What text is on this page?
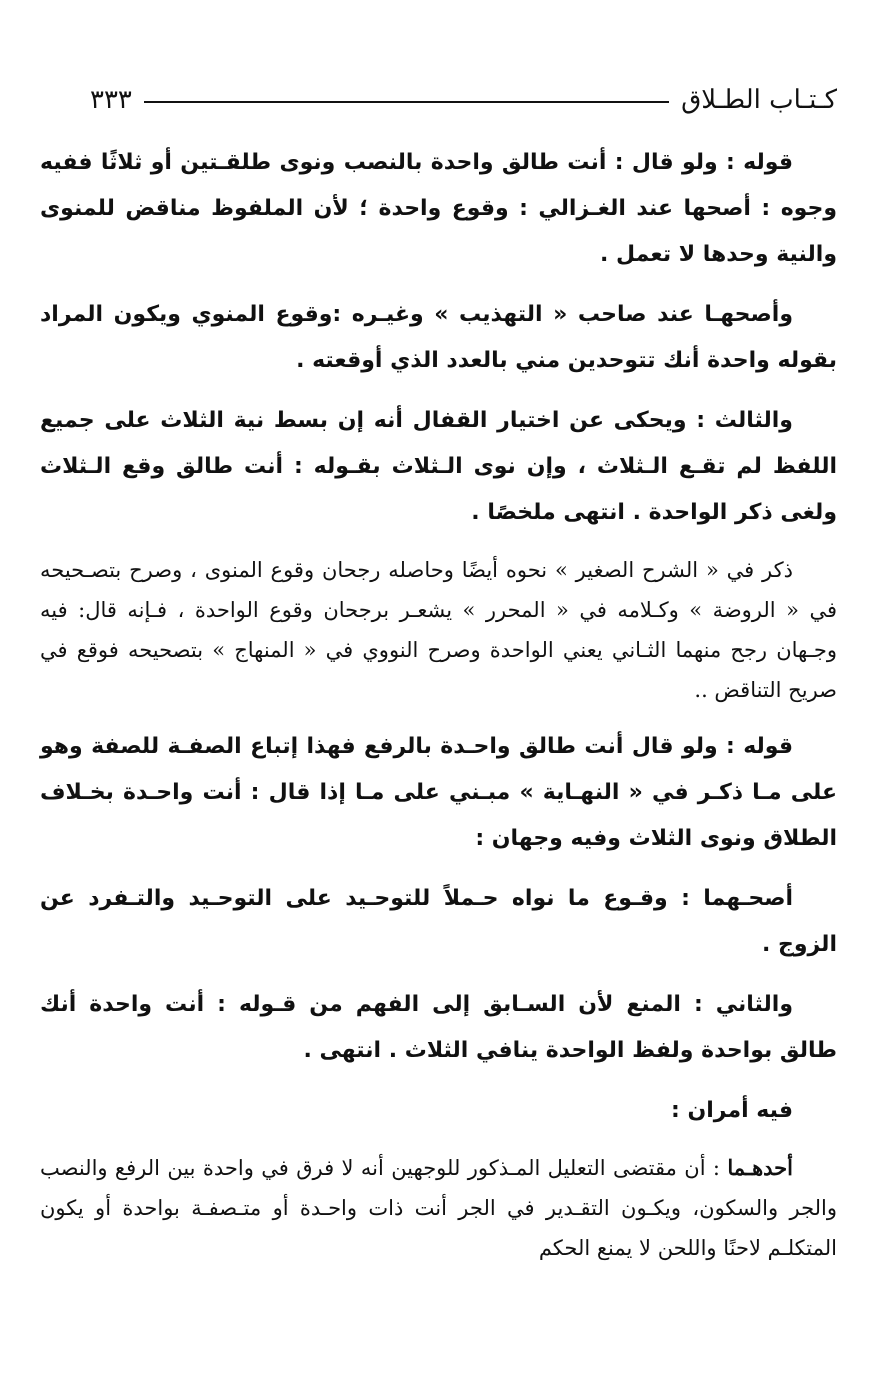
كـتـاب الطـلاق
٣٣٣

قوله : ولو قال : أنت طالق واحدة بالنصب ونوى طلقـتين أو ثلاثًا ففيه وجوه : أصحها عند الغـزالي : وقوع واحدة ؛ لأن الملفوظ مناقض للمنوى والنية وحدها لا تعمل .

وأصحهـا عند صاحب « التهذيب » وغيـره :وقوع المنوي ويكون المراد بقوله واحدة أنك تتوحدين مني بالعدد الذي أوقعته .

والثالث : ويحكى عن اختيار القفال أنه إن بسط نية الثلاث على جميع اللفظ لم تقـع الـثلاث ، وإن نوى الـثلاث بقـوله : أنت طالق وقع الـثلاث ولغى ذكر الواحدة . انتهى ملخصًا .

ذكر في « الشرح الصغير » نحوه أيضًا وحاصله رجحان وقوع المنوى ، وصرح بتصـحيحه في « الروضة » وكـلامه في « المحرر » يشعـر برجحان وقوع الواحدة ، فـإنه قال: فيه وجـهان رجح منهما الثـاني يعني الواحدة وصرح النووي في « المنهاج » بتصحيحه فوقع في صريح التناقض ..

قوله : ولو قال أنت طالق واحـدة بالرفع فهذا إتباع الصفـة للصفة وهو على مـا ذكـر في « النهـاية » مبـني على مـا إذا قال : أنت واحـدة بخـلاف الطلاق ونوى الثلاث وفيه وجهان :

أصحـهما : وقـوع ما نواه حـملاً للتوحـيد على التوحـيد والتـفرد عن الزوج .

والثاني : المنع لأن السـابق إلى الفهم من قـوله : أنت واحدة أنك طالق بواحدة ولفظ الواحدة ينافي الثلاث . انتهى .

فيه أمران :

أحدهـما : أن مقتضى التعليل المـذكور للوجهين أنه لا فرق في واحدة بين الرفع والنصب والجر والسكون، ويكـون التقـدير في الجر أنت ذات واحـدة أو متـصفـة بواحدة أو يكون المتكلـم لاحنًا واللحن لا يمنع الحكم
